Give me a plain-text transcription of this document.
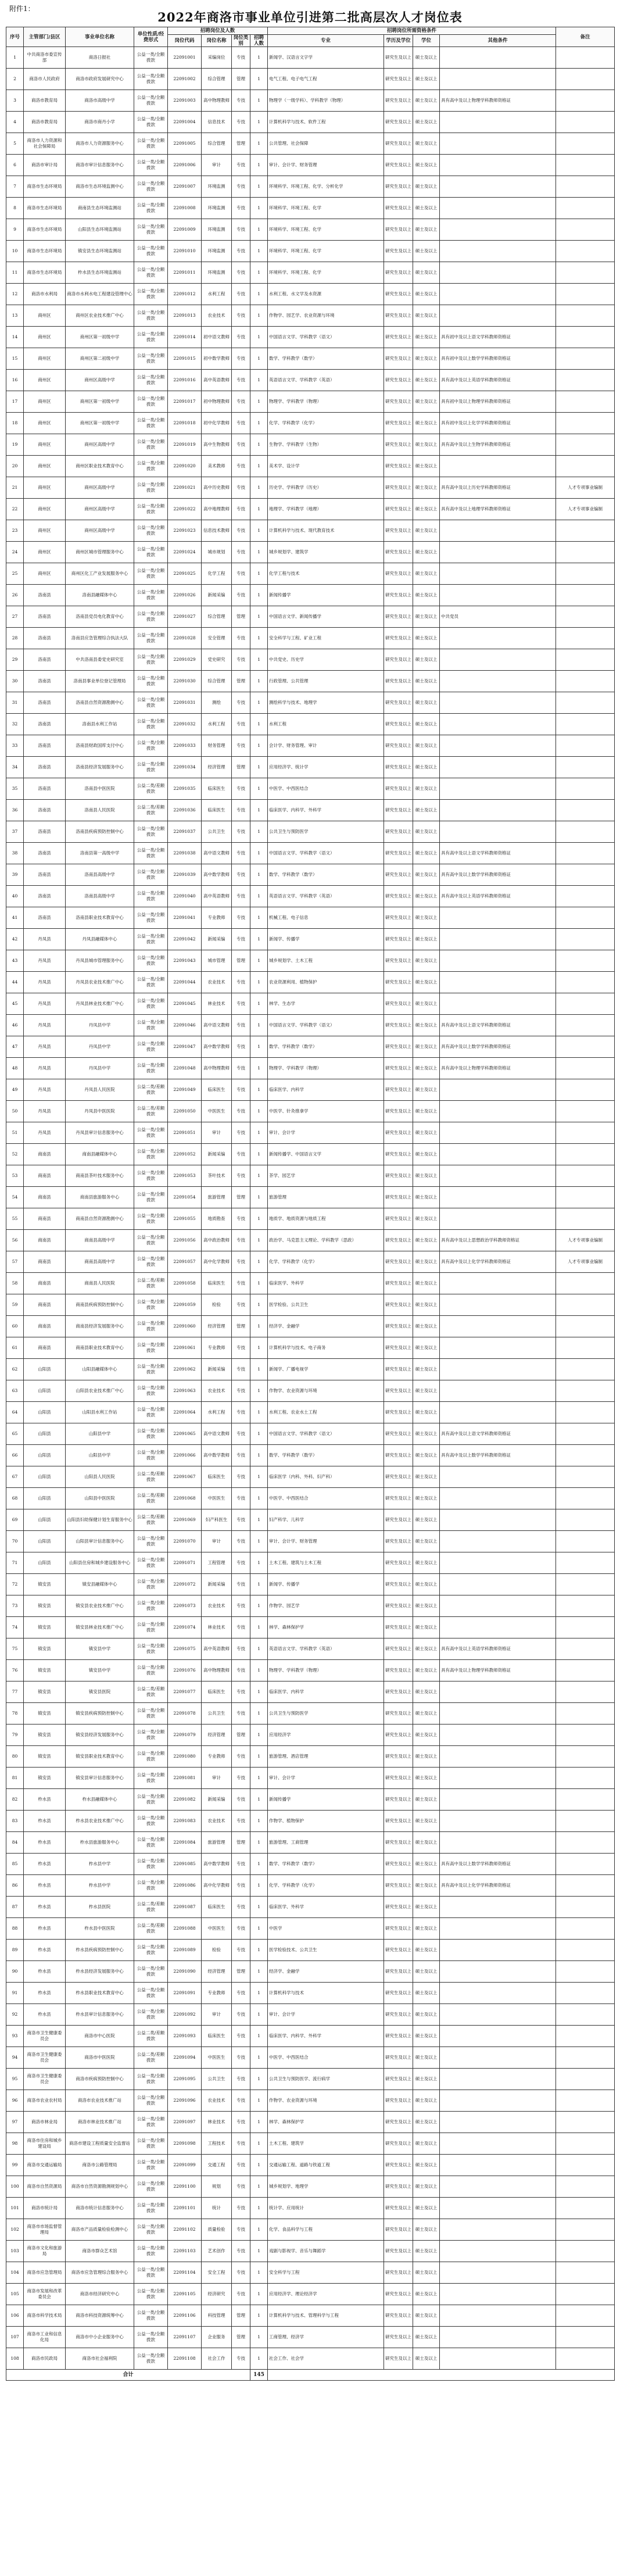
附件1：
2022年商洛市事业单位引进第二批高层次人才岗位表
序号	主管部门/县区	事业单位名称	单位性质/经费形式	招聘岗位及人数				招聘岗位所需资格条件				备注
				岗位代码	岗位名称	岗位类别	招聘人数	专业	学历及学位	学位	其他条件	
1	中共商洛市委宣传部	商洛日报社	公益一类/全额拨款	22091001	采编岗位	专技	1	新闻学、汉语言文字学	研究生及以上	硕士及以上		
2	商洛市人民政府	商洛市政府发展研究中心	公益一类/全额拨款	22091002	综合管理	管理	1	电气工程、电子电气工程	研究生及以上	硕士及以上		
3	商洛市教育局	商洛市高级中学	公益一类/全额拨款	22091003	高中物理教师	专技	1	物理学（一级学科）、学科教学（物理）	研究生及以上	硕士及以上	具有高中及以上物理学科教师资格证	
4	商洛市教育局	商洛市商丹小学	公益一类/全额拨款	22091004	信息技术	专技	1	计算机科学与技术、软件工程	研究生及以上	硕士及以上		
5	商洛市人力资源和社会保障局	商洛市人力资源服务中心	公益一类/全额拨款	22091005	综合管理	管理	1	公共管理、社会保障	研究生及以上	硕士及以上		
6	商洛市审计局	商洛市审计信息服务中心	公益一类/全额拨款	22091006	审计	专技	1	审计、会计学、财务管理	研究生及以上	硕士及以上		
7	商洛市生态环境局	商洛市生态环境监测中心	公益一类/全额拨款	22091007	环境监测	专技	1	环境科学、环境工程、化学、分析化学	研究生及以上	硕士及以上		
8	商洛市生态环境局	商南县生态环境监测站	公益一类/全额拨款	22091008	环境监测	专技	1	环境科学、环境工程、化学	研究生及以上	硕士及以上		
9	商洛市生态环境局	山阳县生态环境监测站	公益一类/全额拨款	22091009	环境监测	专技	1	环境科学、环境工程、化学	研究生及以上	硕士及以上		
10	商洛市生态环境局	镇安县生态环境监测站	公益一类/全额拨款	22091010	环境监测	专技	1	环境科学、环境工程、化学	研究生及以上	硕士及以上		
11	商洛市生态环境局	柞水县生态环境监测站	公益一类/全额拨款	22091011	环境监测	专技	1	环境科学、环境工程、化学	研究生及以上	硕士及以上		
12	商洛市水利局	商洛市水利水电工程建设管理中心	公益一类/全额拨款	22091012	水利工程	专技	1	水利工程、水文学及水资源	研究生及以上	硕士及以上		
13	商州区	商州区农业技术推广中心	公益一类/全额拨款	22091013	农业技术	专技	1	作物学、园艺学、农业资源与环境	研究生及以上	硕士及以上		
14	商州区	商州区第一初级中学	公益一类/全额拨款	22091014	初中语文教师	专技	1	中国语言文学、学科教学（语文）	研究生及以上	硕士及以上	具有初中及以上语文学科教师资格证	
15	商州区	商州区第二初级中学	公益一类/全额拨款	22091015	初中数学教师	专技	1	数学、学科教学（数学）	研究生及以上	硕士及以上	具有初中及以上数学学科教师资格证	
16	商州区	商州区高级中学	公益一类/全额拨款	22091016	高中英语教师	专技	1	英语语言文学、学科教学（英语）	研究生及以上	硕士及以上	具有高中及以上英语学科教师资格证	
17	商州区	商州区第一初级中学	公益一类/全额拨款	22091017	初中物理教师	专技	1	物理学、学科教学（物理）	研究生及以上	硕士及以上	具有初中及以上物理学科教师资格证	
18	商州区	商州区第一初级中学	公益一类/全额拨款	22091018	初中化学教师	专技	1	化学、学科教学（化学）	研究生及以上	硕士及以上	具有初中及以上化学学科教师资格证	
19	商州区	商州区高级中学	公益一类/全额拨款	22091019	高中生物教师	专技	1	生物学、学科教学（生物）	研究生及以上	硕士及以上	具有高中及以上生物学科教师资格证	
20	商州区	商州区职业技术教育中心	公益一类/全额拨款	22091020	美术教师	专技	1	美术学、设计学	研究生及以上	硕士及以上		
21	商州区	商州区高级中学	公益一类/全额拨款	22091021	高中历史教师	专技	1	历史学、学科教学（历史）	研究生及以上	硕士及以上	具有高中及以上历史学科教师资格证	人才专项事业编制
22	商州区	商州区高级中学	公益一类/全额拨款	22091022	高中地理教师	专技	1	地理学、学科教学（地理）	研究生及以上	硕士及以上	具有高中及以上地理学科教师资格证	人才专项事业编制
23	商州区	商州区高级中学	公益一类/全额拨款	22091023	信息技术教师	专技	1	计算机科学与技术、现代教育技术	研究生及以上	硕士及以上		
24	商州区	商州区城市管理服务中心	公益一类/全额拨款	22091024	城市规划	专技	1	城乡规划学、建筑学	研究生及以上	硕士及以上		
25	商州区	商州区化工产业发展服务中心	公益一类/全额拨款	22091025	化学工程	专技	1	化学工程与技术	研究生及以上	硕士及以上		
26	洛南县	洛南县融媒体中心	公益一类/全额拨款	22091026	新闻采编	专技	1	新闻传播学	研究生及以上	硕士及以上		
27	洛南县	洛南县党员电化教育中心	公益一类/全额拨款	22091027	综合管理	管理	1	中国语言文学、新闻传播学	研究生及以上	硕士及以上	中共党员	
28	洛南县	洛南县应急管理综合执法大队	公益一类/全额拨款	22091028	安全管理	专技	1	安全科学与工程、矿业工程	研究生及以上	硕士及以上		
29	洛南县	中共洛南县委党史研究室	公益一类/全额拨款	22091029	党史研究	专技	1	中共党史、历史学	研究生及以上	硕士及以上		
30	洛南县	洛南县事业单位登记管理局	公益一类/全额拨款	22091030	综合管理	管理	1	行政管理、公共管理	研究生及以上	硕士及以上		
31	洛南县	洛南县自然资源勘测中心	公益一类/全额拨款	22091031	测绘	专技	1	测绘科学与技术、地理学	研究生及以上	硕士及以上		
32	洛南县	洛南县水利工作站	公益一类/全额拨款	22091032	水利工程	专技	1	水利工程	研究生及以上	硕士及以上		
33	洛南县	洛南县财政国库支付中心	公益一类/全额拨款	22091033	财务管理	专技	1	会计学、财务管理、审计	研究生及以上	硕士及以上		
34	洛南县	洛南县经济发展服务中心	公益一类/全额拨款	22091034	经济管理	管理	1	应用经济学、统计学	研究生及以上	硕士及以上		
35	洛南县	洛南县中医医院	公益二类/差额拨款	22091035	临床医生	专技	1	中医学、中西医结合	研究生及以上	硕士及以上		
36	洛南县	洛南县人民医院	公益二类/差额拨款	22091036	临床医生	专技	1	临床医学、内科学、外科学	研究生及以上	硕士及以上		
37	洛南县	洛南县疾病预防控制中心	公益一类/全额拨款	22091037	公共卫生	专技	1	公共卫生与预防医学	研究生及以上	硕士及以上		
38	洛南县	洛南县第一高级中学	公益一类/全额拨款	22091038	高中语文教师	专技	1	中国语言文学、学科教学（语文）	研究生及以上	硕士及以上	具有高中及以上语文学科教师资格证	
39	洛南县	洛南县高级中学	公益一类/全额拨款	22091039	高中数学教师	专技	1	数学、学科教学（数学）	研究生及以上	硕士及以上	具有高中及以上数学学科教师资格证	
40	洛南县	洛南县高级中学	公益一类/全额拨款	22091040	高中英语教师	专技	1	英语语言文学、学科教学（英语）	研究生及以上	硕士及以上	具有高中及以上英语学科教师资格证	
41	洛南县	洛南县职业技术教育中心	公益一类/全额拨款	22091041	专业教师	专技	1	机械工程、电子信息	研究生及以上	硕士及以上		
42	丹凤县	丹凤县融媒体中心	公益一类/全额拨款	22091042	新闻采编	专技	1	新闻学、传播学	研究生及以上	硕士及以上		
43	丹凤县	丹凤县城市管理服务中心	公益一类/全额拨款	22091043	城市管理	管理	1	城乡规划学、土木工程	研究生及以上	硕士及以上		
44	丹凤县	丹凤县农业技术推广中心	公益一类/全额拨款	22091044	农业技术	专技	1	农业资源利用、植物保护	研究生及以上	硕士及以上		
45	丹凤县	丹凤县林业技术推广中心	公益一类/全额拨款	22091045	林业技术	专技	1	林学、生态学	研究生及以上	硕士及以上		
46	丹凤县	丹凤县中学	公益一类/全额拨款	22091046	高中语文教师	专技	1	中国语言文学、学科教学（语文）	研究生及以上	硕士及以上	具有高中及以上语文学科教师资格证	
47	丹凤县	丹凤县中学	公益一类/全额拨款	22091047	高中数学教师	专技	1	数学、学科教学（数学）	研究生及以上	硕士及以上	具有高中及以上数学学科教师资格证	
48	丹凤县	丹凤县中学	公益一类/全额拨款	22091048	高中物理教师	专技	1	物理学、学科教学（物理）	研究生及以上	硕士及以上	具有高中及以上物理学科教师资格证	
49	丹凤县	丹凤县人民医院	公益二类/差额拨款	22091049	临床医生	专技	1	临床医学、内科学	研究生及以上	硕士及以上		
50	丹凤县	丹凤县中医医院	公益二类/差额拨款	22091050	中医医生	专技	1	中医学、针灸推拿学	研究生及以上	硕士及以上		
51	丹凤县	丹凤县审计信息服务中心	公益一类/全额拨款	22091051	审计	专技	1	审计、会计学	研究生及以上	硕士及以上		
52	商南县	商南县融媒体中心	公益一类/全额拨款	22091052	新闻采编	专技	1	新闻传播学、中国语言文学	研究生及以上	硕士及以上		
53	商南县	商南县茶叶技术服务中心	公益一类/全额拨款	22091053	茶叶技术	专技	1	茶学、园艺学	研究生及以上	硕士及以上		
54	商南县	商南县旅游服务中心	公益一类/全额拨款	22091054	旅游管理	管理	1	旅游管理	研究生及以上	硕士及以上		
55	商南县	商南县自然资源勘测中心	公益一类/全额拨款	22091055	地质勘查	专技	1	地质学、地质资源与地质工程	研究生及以上	硕士及以上		
56	商南县	商南县高级中学	公益一类/全额拨款	22091056	高中政治教师	专技	1	政治学、马克思主义理论、学科教学（思政）	研究生及以上	硕士及以上	具有高中及以上思想政治学科教师资格证	人才专项事业编制
57	商南县	商南县高级中学	公益一类/全额拨款	22091057	高中化学教师	专技	1	化学、学科教学（化学）	研究生及以上	硕士及以上	具有高中及以上化学学科教师资格证	人才专项事业编制
58	商南县	商南县人民医院	公益二类/差额拨款	22091058	临床医生	专技	1	临床医学、外科学	研究生及以上	硕士及以上		
59	商南县	商南县疾病预防控制中心	公益一类/全额拨款	22091059	检验	专技	1	医学检验、公共卫生	研究生及以上	硕士及以上		
60	商南县	商南县经济发展服务中心	公益一类/全额拨款	22091060	经济管理	管理	1	经济学、金融学	研究生及以上	硕士及以上		
61	商南县	商南县职业技术教育中心	公益一类/全额拨款	22091061	专业教师	专技	1	计算机科学与技术、电子商务	研究生及以上	硕士及以上		
62	山阳县	山阳县融媒体中心	公益一类/全额拨款	22091062	新闻采编	专技	1	新闻学、广播电视学	研究生及以上	硕士及以上		
63	山阳县	山阳县农业技术推广中心	公益一类/全额拨款	22091063	农业技术	专技	1	作物学、农业资源与环境	研究生及以上	硕士及以上		
64	山阳县	山阳县水利工作站	公益一类/全额拨款	22091064	水利工程	专技	1	水利工程、农业水土工程	研究生及以上	硕士及以上		
65	山阳县	山阳县中学	公益一类/全额拨款	22091065	高中语文教师	专技	1	中国语言文学、学科教学（语文）	研究生及以上	硕士及以上	具有高中及以上语文学科教师资格证	
66	山阳县	山阳县中学	公益一类/全额拨款	22091066	高中数学教师	专技	1	数学、学科教学（数学）	研究生及以上	硕士及以上	具有高中及以上数学学科教师资格证	
67	山阳县	山阳县人民医院	公益二类/差额拨款	22091067	临床医生	专技	1	临床医学（内科、外科、妇产科）	研究生及以上	硕士及以上		
68	山阳县	山阳县中医医院	公益二类/差额拨款	22091068	中医医生	专技	1	中医学、中西医结合	研究生及以上	硕士及以上		
69	山阳县	山阳县妇幼保健计划生育服务中心	公益二类/差额拨款	22091069	妇产科医生	专技	1	妇产科学、儿科学	研究生及以上	硕士及以上		
70	山阳县	山阳县审计信息服务中心	公益一类/全额拨款	22091070	审计	专技	1	审计、会计学、财务管理	研究生及以上	硕士及以上		
71	山阳县	山阳县住房和城乡建设服务中心	公益一类/全额拨款	22091071	工程管理	专技	1	土木工程、建筑与土木工程	研究生及以上	硕士及以上		
72	镇安县	镇安县融媒体中心	公益一类/全额拨款	22091072	新闻采编	专技	1	新闻学、传播学	研究生及以上	硕士及以上		
73	镇安县	镇安县农业技术推广中心	公益一类/全额拨款	22091073	农业技术	专技	1	作物学、园艺学	研究生及以上	硕士及以上		
74	镇安县	镇安县林业技术推广中心	公益一类/全额拨款	22091074	林业技术	专技	1	林学、森林保护学	研究生及以上	硕士及以上		
75	镇安县	镇安县中学	公益一类/全额拨款	22091075	高中英语教师	专技	1	英语语言文学、学科教学（英语）	研究生及以上	硕士及以上	具有高中及以上英语学科教师资格证	
76	镇安县	镇安县中学	公益一类/全额拨款	22091076	高中物理教师	专技	1	物理学、学科教学（物理）	研究生及以上	硕士及以上	具有高中及以上物理学科教师资格证	
77	镇安县	镇安县医院	公益二类/差额拨款	22091077	临床医生	专技	1	临床医学、内科学	研究生及以上	硕士及以上		
78	镇安县	镇安县疾病预防控制中心	公益一类/全额拨款	22091078	公共卫生	专技	1	公共卫生与预防医学	研究生及以上	硕士及以上		
79	镇安县	镇安县经济发展服务中心	公益一类/全额拨款	22091079	经济管理	管理	1	应用经济学	研究生及以上	硕士及以上		
80	镇安县	镇安县职业技术教育中心	公益一类/全额拨款	22091080	专业教师	专技	1	旅游管理、酒店管理	研究生及以上	硕士及以上		
81	镇安县	镇安县审计信息服务中心	公益一类/全额拨款	22091081	审计	专技	1	审计、会计学	研究生及以上	硕士及以上		
82	柞水县	柞水县融媒体中心	公益一类/全额拨款	22091082	新闻采编	专技	1	新闻传播学	研究生及以上	硕士及以上		
83	柞水县	柞水县农业技术推广中心	公益一类/全额拨款	22091083	农业技术	专技	1	作物学、植物保护	研究生及以上	硕士及以上		
84	柞水县	柞水县旅游服务中心	公益一类/全额拨款	22091084	旅游管理	管理	1	旅游管理、工商管理	研究生及以上	硕士及以上		
85	柞水县	柞水县中学	公益一类/全额拨款	22091085	高中数学教师	专技	1	数学、学科教学（数学）	研究生及以上	硕士及以上	具有高中及以上数学学科教师资格证	
86	柞水县	柞水县中学	公益一类/全额拨款	22091086	高中化学教师	专技	1	化学、学科教学（化学）	研究生及以上	硕士及以上	具有高中及以上化学学科教师资格证	
87	柞水县	柞水县医院	公益二类/差额拨款	22091087	临床医生	专技	1	临床医学、外科学	研究生及以上	硕士及以上		
88	柞水县	柞水县中医医院	公益二类/差额拨款	22091088	中医医生	专技	1	中医学	研究生及以上	硕士及以上		
89	柞水县	柞水县疾病预防控制中心	公益一类/全额拨款	22091089	检验	专技	1	医学检验技术、公共卫生	研究生及以上	硕士及以上		
90	柞水县	柞水县经济发展服务中心	公益一类/全额拨款	22091090	经济管理	管理	1	经济学、金融学	研究生及以上	硕士及以上		
91	柞水县	柞水县职业技术教育中心	公益一类/全额拨款	22091091	专业教师	专技	1	计算机科学与技术	研究生及以上	硕士及以上		
92	柞水县	柞水县审计信息服务中心	公益一类/全额拨款	22091092	审计	专技	1	审计、会计学	研究生及以上	硕士及以上		
93	商洛市卫生健康委员会	商洛市中心医院	公益二类/差额拨款	22091093	临床医生	专技	1	临床医学、内科学、外科学	研究生及以上	硕士及以上		
94	商洛市卫生健康委员会	商洛市中医医院	公益二类/差额拨款	22091094	中医医生	专技	1	中医学、中西医结合	研究生及以上	硕士及以上		
95	商洛市卫生健康委员会	商洛市疾病预防控制中心	公益一类/全额拨款	22091095	公共卫生	专技	1	公共卫生与预防医学、流行病学	研究生及以上	硕士及以上		
96	商洛市农业农村局	商洛市农业技术推广站	公益一类/全额拨款	22091096	农业技术	专技	1	作物学、农业资源与环境	研究生及以上	硕士及以上		
97	商洛市林业局	商洛市林业技术推广站	公益一类/全额拨款	22091097	林业技术	专技	1	林学、森林保护学	研究生及以上	硕士及以上		
98	商洛市住房和城乡建设局	商洛市建设工程质量安全监督站	公益一类/全额拨款	22091098	工程技术	专技	1	土木工程、建筑学	研究生及以上	硕士及以上		
99	商洛市交通运输局	商洛市公路管理局	公益一类/全额拨款	22091099	交通工程	专技	1	交通运输工程、道路与铁道工程	研究生及以上	硕士及以上		
100	商洛市自然资源局	商洛市自然资源勘测规划中心	公益一类/全额拨款	22091100	规划	专技	1	城乡规划学、地理学	研究生及以上	硕士及以上		
101	商洛市统计局	商洛市统计信息服务中心	公益一类/全额拨款	22091101	统计	专技	1	统计学、应用统计	研究生及以上	硕士及以上		
102	商洛市市场监督管理局	商洛市产品质量检验检测中心	公益一类/全额拨款	22091102	质量检验	专技	1	化学、食品科学与工程	研究生及以上	硕士及以上		
103	商洛市文化和旅游局	商洛市群众艺术馆	公益一类/全额拨款	22091103	艺术创作	专技	1	戏剧与影视学、音乐与舞蹈学	研究生及以上	硕士及以上		
104	商洛市应急管理局	商洛市应急管理综合服务中心	公益一类/全额拨款	22091104	安全工程	专技	1	安全科学与工程	研究生及以上	硕士及以上		
105	商洛市发展和改革委员会	商洛市经济研究中心	公益一类/全额拨款	22091105	经济研究	专技	1	应用经济学、理论经济学	研究生及以上	硕士及以上		
106	商洛市科学技术局	商洛市科技资源统筹中心	公益一类/全额拨款	22091106	科技管理	管理	1	计算机科学与技术、管理科学与工程	研究生及以上	硕士及以上		
107	商洛市工业和信息化局	商洛市中小企业服务中心	公益一类/全额拨款	22091107	企业服务	管理	1	工商管理、经济学	研究生及以上	硕士及以上		
108	商洛市民政局	商洛市社会福利院	公益一类/全额拨款	22091108	社会工作	专技	1	社会工作、社会学	研究生及以上	硕士及以上		
合计							145					
